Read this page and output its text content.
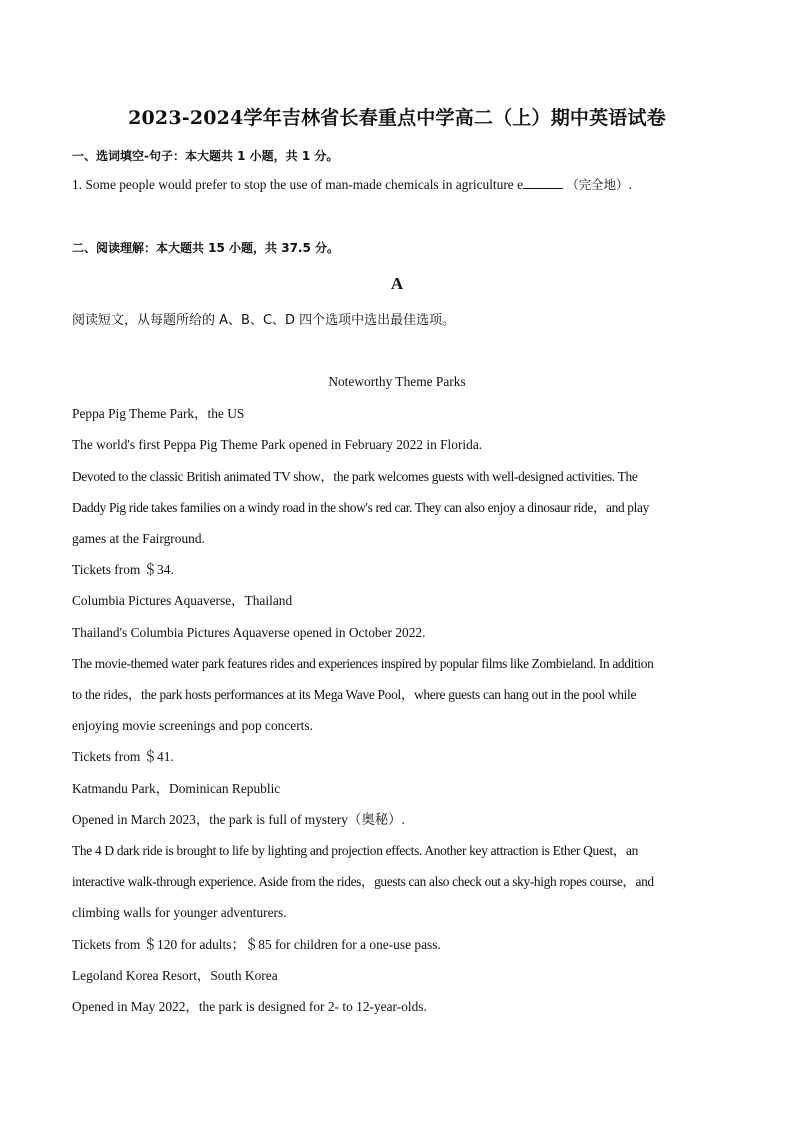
2023-2024学年吉林省长春重点中学高二（上）期中英语试卷
一、选词填空-句子：本大题共 1 小题，共 1 分。
1. Some people would prefer to stop the use of man-made chemicals in agriculture e	（完全地）.
二、阅读理解：本大题共 15 小题，共 37.5 分。
A
阅读短文，从每题所给的 A、B、C、D 四个选项中选出最佳选项。
Noteworthy Theme Parks
Peppa Pig Theme Park，the US
The world's first Peppa Pig Theme Park opened in February 2022 in Florida.
Devoted to the classic British animated TV show，the park welcomes guests with well-designed activities. The
Daddy Pig ride takes families on a windy road in the show's red car. They can also enjoy a dinosaur ride，and play
games at the Fairground.
Tickets from ＄34.
Columbia Pictures Aquaverse，Thailand
Thailand's Columbia Pictures Aquaverse opened in October 2022.
The movie-themed water park features rides and experiences inspired by popular films like Zombieland. In addition
to the rides，the park hosts performances at its Mega Wave Pool，where guests can hang out in the pool while
enjoying movie screenings and pop concerts.
Tickets from ＄41.
Katmandu Park，Dominican Republic
Opened in March 2023，the park is full of mystery（奥秘）.
The 4 D dark ride is brought to life by lighting and projection effects. Another key attraction is Ether Quest，an
interactive walk-through experience. Aside from the rides，guests can also check out a sky-high ropes course，and
climbing walls for younger adventurers.
Tickets from ＄120 for adults；＄85 for children for a one-use pass.
Legoland Korea Resort，South Korea
Opened in May 2022，the park is designed for 2- to 12-year-olds.
